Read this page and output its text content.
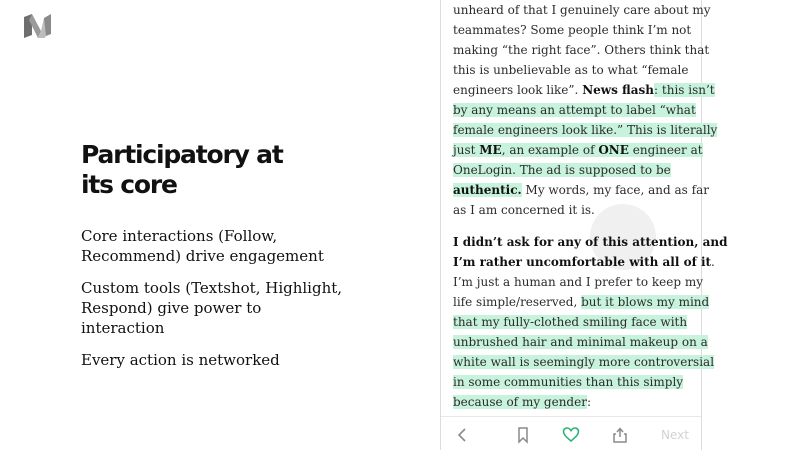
Participatory at
its core
Core interactions (Follow,
Recommend) drive engagement
Custom tools (Textshot, Highlight,
Respond) give power to
interaction
Every action is networked

unheard of that I genuinely care about my
teammates? Some people think I’m not
making “the right face”. Others think that
this is unbelievable as to what “female
engineers look like”. News flash: this isn’t
by any means an attempt to label “what
female engineers look like.” This is literally
just ME, an example of ONE engineer at
OneLogin. The ad is supposed to be
authentic. My words, my face, and as far
as I am concerned it is.

I didn’t ask for any of this attention, and
I’m rather uncomfortable with all of it.
I’m just a human and I prefer to keep my
life simple/reserved, but it blows my mind
that my fully-clothed smiling face with
unbrushed hair and minimal makeup on a
white wall is seemingly more controversial
in some communities than this simply
because of my gender:

Next
